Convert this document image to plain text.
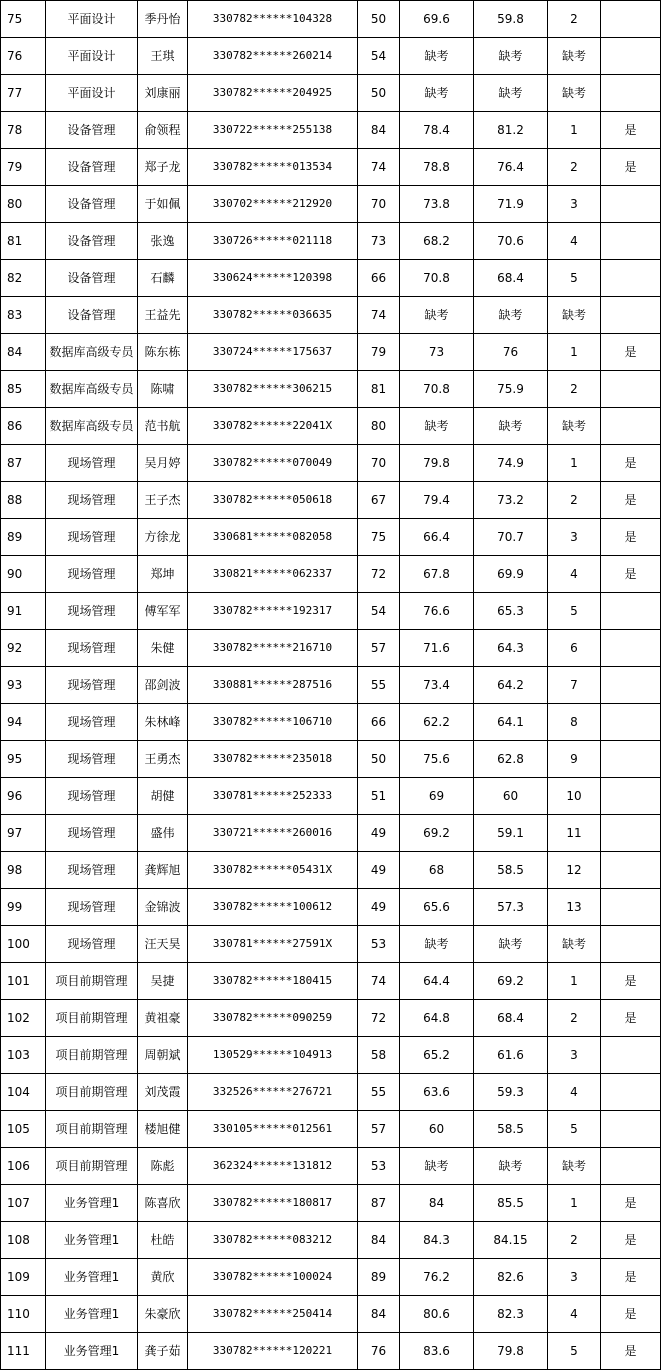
75	平面设计	季丹怡	330782******104328	50	69.6	59.8	2	
76	平面设计	王琪	330782******260214	54	缺考	缺考	缺考	
77	平面设计	刘康丽	330782******204925	50	缺考	缺考	缺考	
78	设备管理	俞领程	330722******255138	84	78.4	81.2	1	是
79	设备管理	郑子龙	330782******013534	74	78.8	76.4	2	是
80	设备管理	于如佩	330702******212920	70	73.8	71.9	3	
81	设备管理	张逸	330726******021118	73	68.2	70.6	4	
82	设备管理	石麟	330624******120398	66	70.8	68.4	5	
83	设备管理	王益先	330782******036635	74	缺考	缺考	缺考	
84	数据库高级专员	陈东栋	330724******175637	79	73	76	1	是
85	数据库高级专员	陈啸	330782******306215	81	70.8	75.9	2	
86	数据库高级专员	范书航	330782******22041X	80	缺考	缺考	缺考	
87	现场管理	吴月婷	330782******070049	70	79.8	74.9	1	是
88	现场管理	王子杰	330782******050618	67	79.4	73.2	2	是
89	现场管理	方徐龙	330681******082058	75	66.4	70.7	3	是
90	现场管理	郑坤	330821******062337	72	67.8	69.9	4	是
91	现场管理	傅军军	330782******192317	54	76.6	65.3	5	
92	现场管理	朱健	330782******216710	57	71.6	64.3	6	
93	现场管理	邵剑波	330881******287516	55	73.4	64.2	7	
94	现场管理	朱林峰	330782******106710	66	62.2	64.1	8	
95	现场管理	王勇杰	330782******235018	50	75.6	62.8	9	
96	现场管理	胡健	330781******252333	51	69	60	10	
97	现场管理	盛伟	330721******260016	49	69.2	59.1	11	
98	现场管理	龚辉旭	330782******05431X	49	68	58.5	12	
99	现场管理	金锦波	330782******100612	49	65.6	57.3	13	
100	现场管理	汪天昊	330781******27591X	53	缺考	缺考	缺考	
101	项目前期管理	吴捷	330782******180415	74	64.4	69.2	1	是
102	项目前期管理	黄祖豪	330782******090259	72	64.8	68.4	2	是
103	项目前期管理	周朝斌	130529******104913	58	65.2	61.6	3	
104	项目前期管理	刘茂霞	332526******276721	55	63.6	59.3	4	
105	项目前期管理	楼旭健	330105******012561	57	60	58.5	5	
106	项目前期管理	陈彪	362324******131812	53	缺考	缺考	缺考	
107	业务管理1	陈喜欣	330782******180817	87	84	85.5	1	是
108	业务管理1	杜皓	330782******083212	84	84.3	84.15	2	是
109	业务管理1	黄欣	330782******100024	89	76.2	82.6	3	是
110	业务管理1	朱豪欣	330782******250414	84	80.6	82.3	4	是
111	业务管理1	龚子茹	330782******120221	76	83.6	79.8	5	是
